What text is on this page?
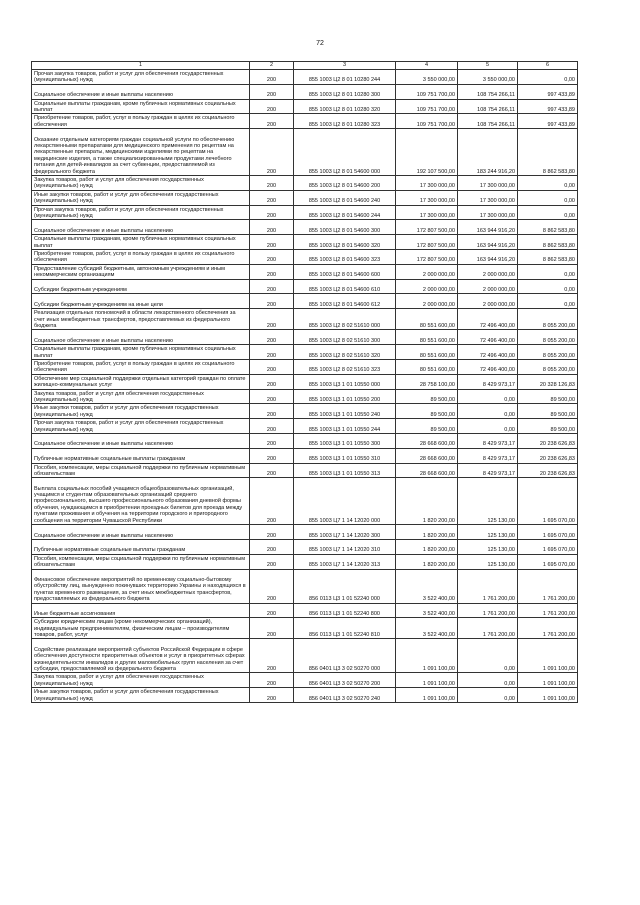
72
1	2	3	4	5	6
Прочая закупка товаров, работ и услуг для обеспечения государственных (муниципальных) нужд	200	855 1003 Ц2 8 01 10280 244	3 550 000,00	3 550 000,00	0,00
Социальное обеспечение и иные выплаты населению	200	855 1003 Ц2 8 01 10280 300	109 751 700,00	108 754 266,11	997 433,89
Социальные выплаты гражданам, кроме публичных нормативных социальных выплат	200	855 1003 Ц2 8 01 10280 320	109 751 700,00	108 754 266,11	997 433,89
Приобретение товаров, работ, услуг в пользу граждан в целях их социального обеспечения	200	855 1003 Ц2 8 01 10280 323	109 751 700,00	108 754 266,11	997 433,89
Оказание отдельным категориям граждан социальной услуги по обеспечению лекарственными препаратами для медицинского применения по рецептам на лекарственные препараты, медицинскими изделиями по рецептам на медицинские изделия, а также специализированными продуктами лечебного питания для детей-инвалидов за счет субвенции, предоставляемой из федерального бюджета	200	855 1003 Ц2 8 01 54600 000	192 107 500,00	183 244 916,20	8 862 583,80
Закупка товаров, работ и услуг для обеспечения государственных (муниципальных) нужд	200	855 1003 Ц2 8 01 54600 200	17 300 000,00	17 300 000,00	0,00
Иные закупки товаров, работ и услуг для обеспечения государственных (муниципальных) нужд	200	855 1003 Ц2 8 01 54600 240	17 300 000,00	17 300 000,00	0,00
Прочая закупка товаров, работ и услуг для обеспечения государственных (муниципальных) нужд	200	855 1003 Ц2 8 01 54600 244	17 300 000,00	17 300 000,00	0,00
Социальное обеспечение и иные выплаты населению	200	855 1003 Ц2 8 01 54600 300	172 807 500,00	163 944 916,20	8 862 583,80
Социальные выплаты гражданам, кроме публичных нормативных социальных выплат	200	855 1003 Ц2 8 01 54600 320	172 807 500,00	163 944 916,20	8 862 583,80
Приобретение товаров, работ, услуг в пользу граждан в целях их социального обеспечения	200	855 1003 Ц2 8 01 54600 323	172 807 500,00	163 944 916,20	8 862 583,80
Предоставление субсидий бюджетным, автономным учреждениям и иным некоммерческим организациям	200	855 1003 Ц2 8 01 54600 600	2 000 000,00	2 000 000,00	0,00
Субсидии бюджетным учреждениям	200	855 1003 Ц2 8 01 54600 610	2 000 000,00	2 000 000,00	0,00
Субсидии бюджетным учреждениям на иные цели	200	855 1003 Ц2 8 01 54600 612	2 000 000,00	2 000 000,00	0,00
Реализация отдельных полномочий в области лекарственного обеспечения за счет иных межбюджетных трансфертов, предоставляемых из федерального бюджета	200	855 1003 Ц2 8 02 51610 000	80 551 600,00	72 496 400,00	8 055 200,00
Социальное обеспечение и иные выплаты населению	200	855 1003 Ц2 8 02 51610 300	80 551 600,00	72 496 400,00	8 055 200,00
Социальные выплаты гражданам, кроме публичных нормативных социальных выплат	200	855 1003 Ц2 8 02 51610 320	80 551 600,00	72 496 400,00	8 055 200,00
Приобретение товаров, работ, услуг в пользу граждан в целях их социального обеспечения	200	855 1003 Ц2 8 02 51610 323	80 551 600,00	72 496 400,00	8 055 200,00
Обеспечение мер социальной поддержки отдельных категорий граждан по оплате жилищно-коммунальных услуг	200	855 1003 Ц3 1 01 10550 000	28 758 100,00	8 429 973,17	20 328 126,83
Закупка товаров, работ и услуг для обеспечения государственных (муниципальных) нужд	200	855 1003 Ц3 1 01 10550 200	89 500,00	0,00	89 500,00
Иные закупки товаров, работ и услуг для обеспечения государственных (муниципальных) нужд	200	855 1003 Ц3 1 01 10550 240	89 500,00	0,00	89 500,00
Прочая закупка товаров, работ и услуг для обеспечения государственных (муниципальных) нужд	200	855 1003 Ц3 1 01 10550 244	89 500,00	0,00	89 500,00
Социальное обеспечение и иные выплаты населению	200	855 1003 Ц3 1 01 10550 300	28 668 600,00	8 429 973,17	20 238 626,83
Публичные нормативные социальные выплаты гражданам	200	855 1003 Ц3 1 01 10550 310	28 668 600,00	8 429 973,17	20 238 626,83
Пособия, компенсации, меры социальной поддержки по публичным нормативным обязательствам	200	855 1003 Ц3 1 01 10550 313	28 668 600,00	8 429 973,17	20 238 626,83
Выплата социальных пособий учащимся общеобразовательных организаций, учащимся и студентам образовательных организаций среднего профессионального, высшего профессионального образования дневной формы обучения, нуждающимся в приобретении проездных билетов для проезда между пунктами проживания и обучения на территории городского и пригородного сообщения на территории Чувашской Республики	200	855 1003 Ц7 1 14 12020 000	1 820 200,00	125 130,00	1 695 070,00
Социальное обеспечение и иные выплаты населению	200	855 1003 Ц7 1 14 12020 300	1 820 200,00	125 130,00	1 695 070,00
Публичные нормативные социальные выплаты гражданам	200	855 1003 Ц7 1 14 12020 310	1 820 200,00	125 130,00	1 695 070,00
Пособия, компенсации, меры социальной поддержки по публичным нормативным обязательствам	200	855 1003 Ц7 1 14 12020 313	1 820 200,00	125 130,00	1 695 070,00
Финансовое обеспечение мероприятий по временному социально-бытовому обустройству лиц, вынужденно покинувших территорию Украины и находящихся в пунктах временного размещения, за счет иных межбюджетных трансфертов, предоставляемых из федерального бюджета	200	856 0113 Ц3 1 01 52240 000	3 522 400,00	1 761 200,00	1 761 200,00
Иные бюджетные ассигнования	200	856 0113 Ц3 1 01 52240 800	3 522 400,00	1 761 200,00	1 761 200,00
Субсидии юридическим лицам (кроме некоммерческих организаций), индивидуальным предпринимателям, физическим лицам – производителям товаров, работ, услуг	200	856 0113 Ц3 1 01 52240 810	3 522 400,00	1 761 200,00	1 761 200,00
Содействие реализации мероприятий субъектов Российской Федерации в сфере обеспечения доступности приоритетных объектов и услуг в приоритетных сферах жизнедеятельности инвалидов и других маломобильных групп населения за счет субсидии, предоставляемой из федерального бюджета	200	856 0401 Ц3 3 02 50270 000	1 091 100,00	0,00	1 091 100,00
Закупка товаров, работ и услуг для обеспечения государственных (муниципальных) нужд	200	856 0401 Ц3 3 02 50270 200	1 091 100,00	0,00	1 091 100,00
Иные закупки товаров, работ и услуг для обеспечения государственных (муниципальных) нужд	200	856 0401 Ц3 3 02 50270 240	1 091 100,00	0,00	1 091 100,00
